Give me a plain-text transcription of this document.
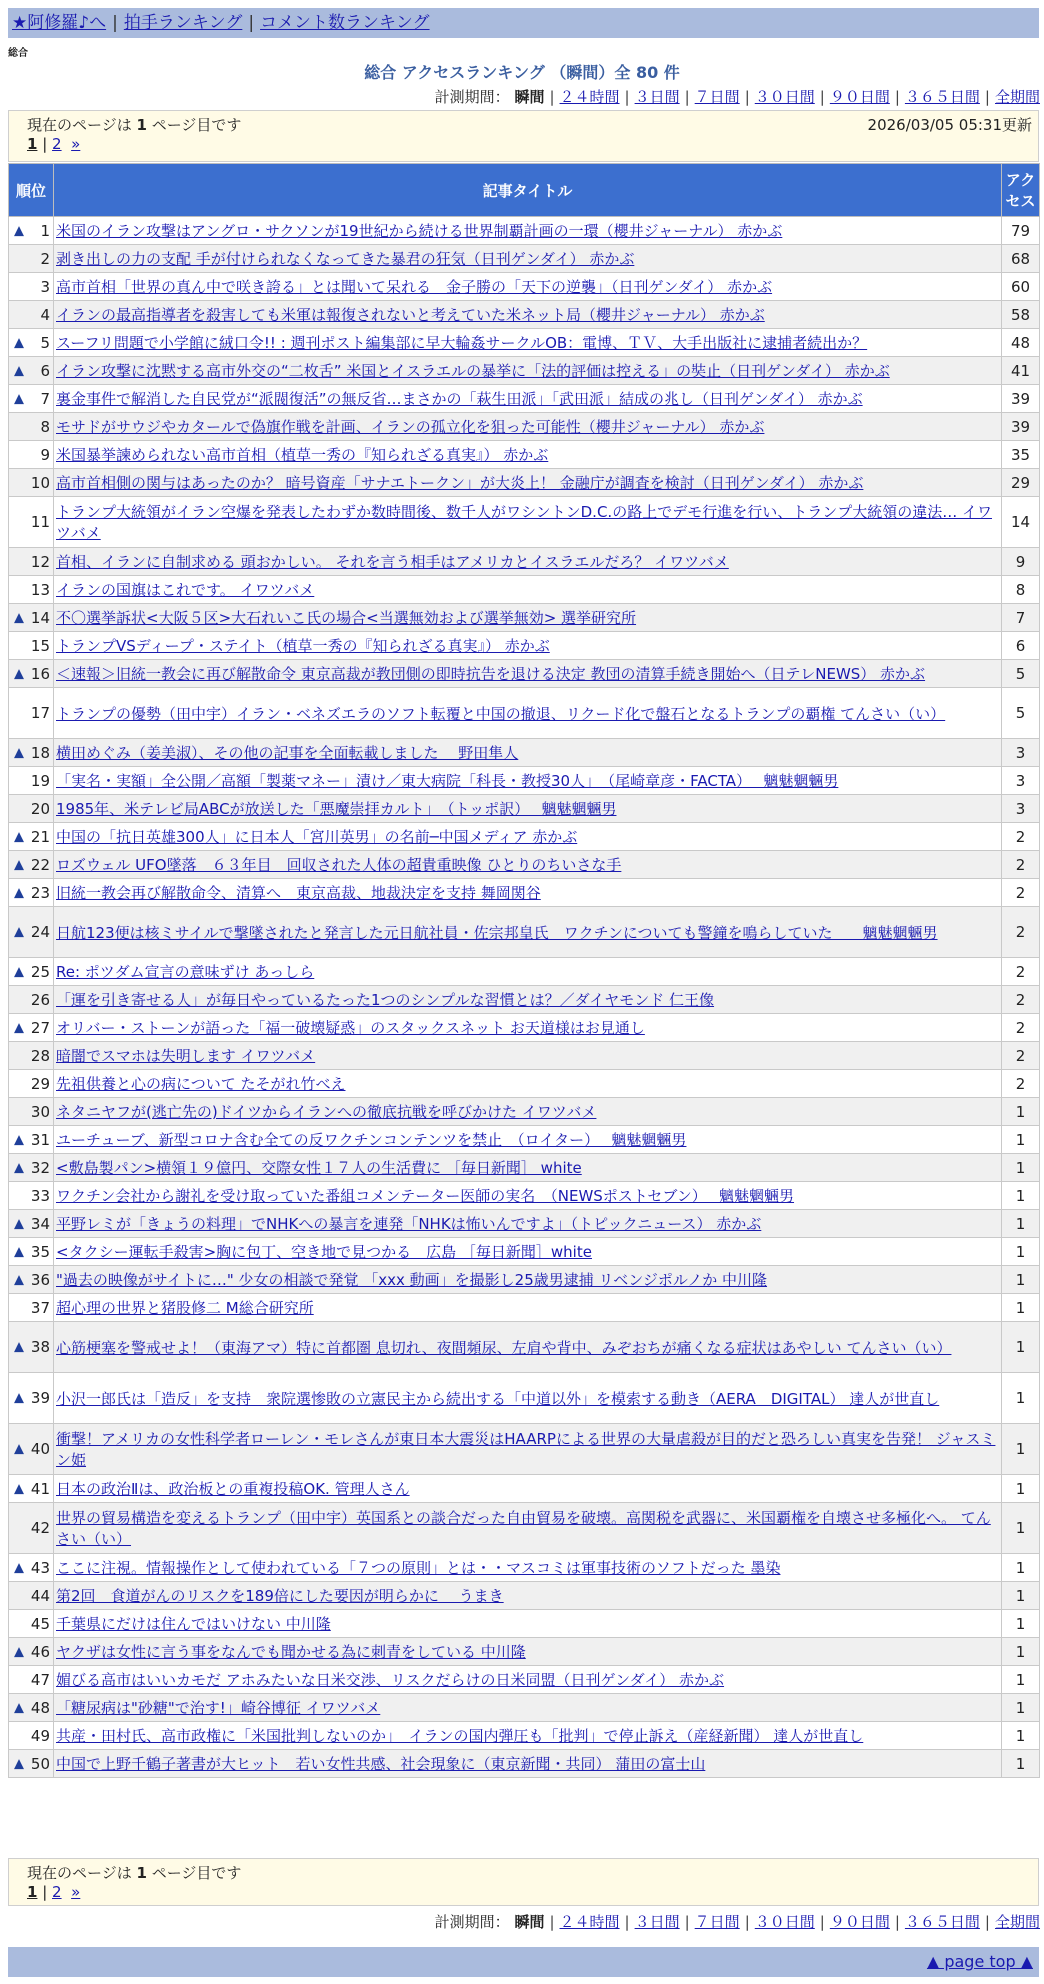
★阿修羅♪へ | 拍手ランキング | コメント数ランキング
総合
総合 アクセスランキング （瞬間）全 80 件
計測期間： 瞬間 | ２４時間 | ３日間 | ７日間 | ３０日間 | ９０日間 | ３６５日間 | 全期間
現在のページは 1 ページ目です	2026/03/05 05:31更新
1 | 2 »
順位	記事タイトル	アクセス

▲ 1	米国のイラン攻撃はアングロ・サクソンが19世紀から続ける世界制覇計画の一環（櫻井ジャーナル） 赤かぶ	79
2	剥き出しの力の支配 手が付けられなくなってきた暴君の狂気（日刊ゲンダイ） 赤かぶ	68
3	高市首相「世界の真ん中で咲き誇る」とは聞いて呆れる　金子勝の「天下の逆襲」（日刊ゲンダイ） 赤かぶ	60
4	イランの最高指導者を殺害しても米軍は報復されないと考えていた米ネット局（櫻井ジャーナル） 赤かぶ	58

▲ 5	スーフリ問題で小学館に絨口令!! : 週刊ポスト編集部に早大輪姦サークルOB：電博、ＴＶ、大手出版社に逮捕者続出か？	48

▲ 6	イラン攻撃に沈黙する高市外交の“二枚舌” 米国とイスラエルの暴挙に「法的評価は控える」の奘止（日刊ゲンダイ） 赤かぶ	41

▲ 7	裏金事件で解消した自民党が“派閥復活”の無反省…まさかの「萩生田派」「武田派」結成の兆し（日刊ゲンダイ） 赤かぶ	39
8	モサドがサウジやカタールで偽旗作戦を計画、イランの孤立化を狙った可能性（櫻井ジャーナル） 赤かぶ	39
9	米国暴挙諫められない高市首相（植草一秀の『知られざる真実』） 赤かぶ	35
10	高市首相側の関与はあったのか？ 暗号資産「サナエトークン」が大炎上！ 金融庁が調査を検討（日刊ゲンダイ） 赤かぶ	29
11	トランプ大統領がイラン空爆を発表したわずか数時間後、数千人がワシントンD.C.の路上でデモ行進を行い、トランプ大統領の違法… イワツバメ	14
12	首相、イランに自制求める 頭おかしい。 それを言う相手はアメリカとイスラエルだろ？ イワツバメ	9
13	イランの国旗はこれです。 イワツバメ	8

▲ 14	不〇選挙訴状<大阪５区>大石れいこ氏の場合<当選無効および選挙無効> 選挙研究所	7
15	トランプVSディープ・ステイト（植草一秀の『知られざる真実』） 赤かぶ	6

▲ 16	＜速報＞旧統一教会に再び解散命令 東京高裁が教団側の即時抗告を退ける決定 教団の清算手続き開始へ（日テレNEWS） 赤かぶ	5
17	トランプの優勢（田中宇）イラン・ベネズエラのソフト転覆と中国の撤退、リクード化で盤石となるトランプの覇権 てんさい（い）	5

▲ 18	横田めぐみ（姜美淑）、その他の記事を全面転載しました　 野田隼人	3
19	「実名・実額」全公開／高額「製薬マネー」漬け／東大病院「科長・教授30人」　（尾崎章彦・FACTA）　 魑魅魍魎男	3
20	1985年、米テレビ局ABCが放送した「悪魔崇拝カルト」　（トッポ訳）　 魑魅魍魎男	3

▲ 21	中国の「抗日英雄300人」に日本人「宮川英男」の名前─中国メディア 赤かぶ	2

▲ 22	ロズウェル UFO墜落　６３年目　回収された人体の超貴重映像 ひとりのちいさな手	2

▲ 23	旧統一教会再び解散命令、清算へ　東京高裁、地裁決定を支持 舞岡関谷	2

▲ 24	日航123便は核ミサイルで撃墜されたと発言した元日航社員・佐宗邦皇氏　ワクチンについても警鐘を鳴らしていた　　魑魅魍魎男	2

▲ 25	Re: ポツダム宣言の意味ずけ あっしら	2
26	「運を引き寄せる人」が毎日やっているたった1つのシンプルな習慣とは？／ダイヤモンド 仁王像	2

▲ 27	オリバー・ストーンが語った「福一破壊疑惑」のスタックスネット お天道様はお見通し	2
28	暗闇でスマホは失明します イワツバメ	2
29	先祖供養と心の病について たそがれ竹べえ	2
30	ネタニヤフが(逃亡先の)ドイツからイランへの徹底抗戦を呼びかけた イワツバメ	1

▲ 31	ユーチューブ、新型コロナ含む全ての反ワクチンコンテンツを禁止　（ロイター）　 魑魅魍魎男	1

▲ 32	<敷島製パン>横領１９億円、交際女性１７人の生活費に ［毎日新聞］ white	1
33	ワクチン会社から謝礼を受け取っていた番組コメンテーター医師の実名　（NEWSポストセブン）　 魑魅魍魎男	1

▲ 34	平野レミが「きょうの料理」でNHKへの暴言を連発「NHKは怖いんですよ」（トピックニュース） 赤かぶ	1

▲ 35	<タクシー運転手殺害>胸に包丁、空き地で見つかる　広島 ［毎日新聞］white	1

▲ 36	"過去の映像がサイトに…" 少女の相談で発覚 「xxx 動画」を撮影し25歳男逮捕 リベンジポルノか 中川隆	1
37	超心理の世界と猪股修二 M総合研究所	1

▲ 38	心筋梗塞を警戒せよ！（東海アマ）特に首都圏 息切れ、夜間頻尿、左肩や背中、みぞおちが痛くなる症状はあやしい てんさい（い）	1

▲ 39	小沢一郎氏は「造反」を支持　衆院選惨敗の立憲民主から続出する「中道以外」を模索する動き（AERA　DIGITAL） 達人が世直し	1

▲ 40	衝撃！アメリカの女性科学者ローレン・モレさんが東日本大震災はHAARPによる世界の大量虐殺が目的だと恐ろしい真実を告発！ ジャスミン姫	1

▲ 41	日本の政治Ⅱは、政治板との重複投稿OK. 管理人さん	1
42	世界の貿易構造を変えるトランプ（田中宇）英国系との談合だった自由貿易を破壊。高関税を武器に、米国覇権を自壊させ多極化へ。 てんさい（い）	1

▲ 43	ここに注視。情報操作として使われている「７つの原則」とは・・マスコミは軍事技術のソフトだった 墨染	1
44	第2回　食道がんのリスクを189倍にした要因が明らかに　 うまき	1
45	千葉県にだけは住んではいけない 中川隆	1

▲ 46	ヤクザは女性に言う事をなんでも聞かせる為に刺青をしている 中川隆	1
47	媚びる高市はいいカモだ アホみたいな日米交渉、リスクだらけの日米同盟（日刊ゲンダイ） 赤かぶ	1

▲ 48	「糖尿病は"砂糖"で治す!」崎谷博征 イワツバメ	1
49	共産・田村氏、高市政権に「米国批判しないのか」　イランの国内弾圧も「批判」で停止訴え（産経新聞） 達人が世直し	1

▲ 50	中国で上野千鶴子著書が大ヒット　若い女性共感、社会現象に（東京新聞・共同） 蒲田の富士山	1
現在のページは 1 ページ目です
1 | 2 »
計測期間： 瞬間 | ２４時間 | ３日間 | ７日間 | ３０日間 | ９０日間 | ３６５日間 | 全期間
▲ page top ▲
